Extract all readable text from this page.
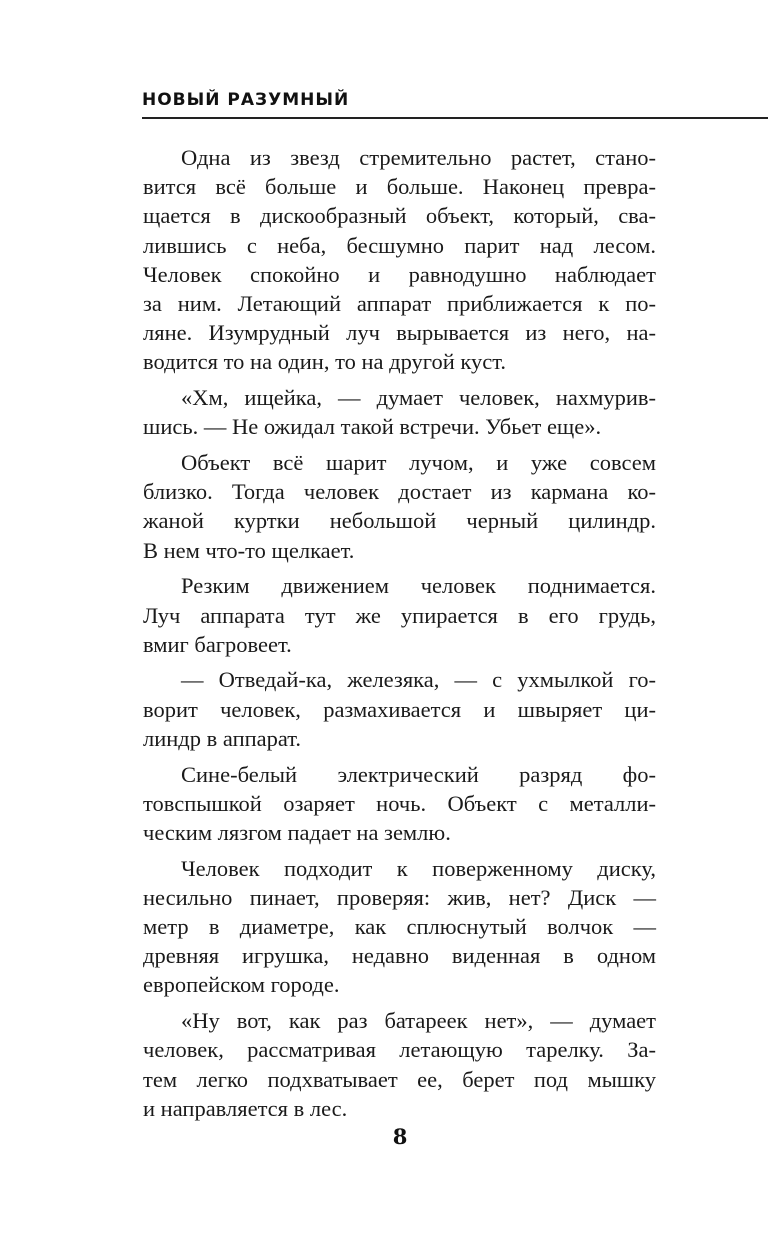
НОВЫЙ РАЗУМНЫЙ
Одна из звезд стремительно растет, стано-
вится всё больше и больше. Наконец превра-
щается в дискообразный объект, который, сва-
лившись с неба, бесшумно парит над лесом.
Человек спокойно и равнодушно наблюдает
за ним. Летающий аппарат приближается к по-
ляне. Изумрудный луч вырывается из него, на-
водится то на один, то на другой куст.
«Хм, ищейка, — думает человек, нахмурив-
шись. — Не ожидал такой встречи. Убьет еще».
Объект всё шарит лучом, и уже совсем
близко. Тогда человек достает из кармана ко-
жаной куртки небольшой черный цилиндр.
В нем что-то щелкает.
Резким движением человек поднимается.
Луч аппарата тут же упирается в его грудь,
вмиг багровеет.
— Отведай-ка, железяка, — с ухмылкой го-
ворит человек, размахивается и швыряет ци-
линдр в аппарат.
Сине-белый электрический разряд фо-
товспышкой озаряет ночь. Объект с металли-
ческим лязгом падает на землю.
Человек подходит к поверженному диску,
несильно пинает, проверяя: жив, нет? Диск —
метр в диаметре, как сплюснутый волчок —
древняя игрушка, недавно виденная в одном
европейском городе.
«Ну вот, как раз батареек нет», — думает
человек, рассматривая летающую тарелку. За-
тем легко подхватывает ее, берет под мышку
и направляется в лес.
8
